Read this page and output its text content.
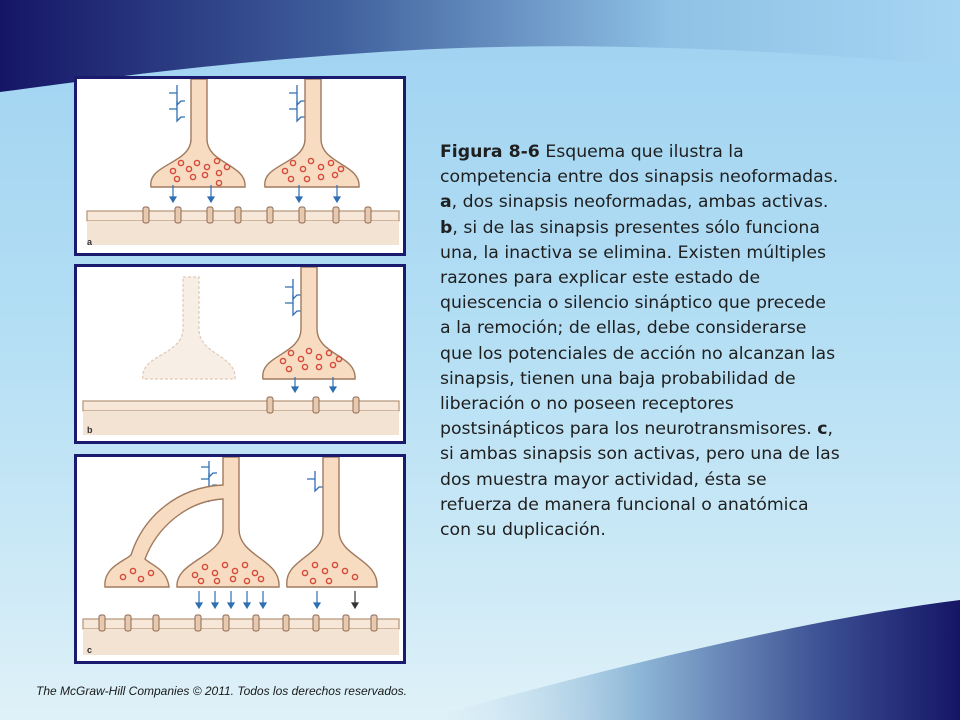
a
b
c

Figura 8-6 Esquema que ilustra la competencia entre dos sinapsis neoformadas. a, dos sinapsis neoformadas, ambas activas. b, si de las sinapsis presentes sólo funciona una, la inactiva se elimina. Existen múltiples razones para explicar este estado de quiescencia o silencio sináptico que precede a la remoción; de ellas, debe considerarse que los potenciales de acción no alcanzan las sinapsis, tienen una baja probabilidad de liberación o no poseen receptores postsinápticos para los neurotransmisores. c, si ambas sinapsis son activas, pero una de las dos muestra mayor actividad, ésta se refuerza de manera funcional o anatómica con su duplicación.

The McGraw-Hill Companies © 2011. Todos los derechos reservados.
